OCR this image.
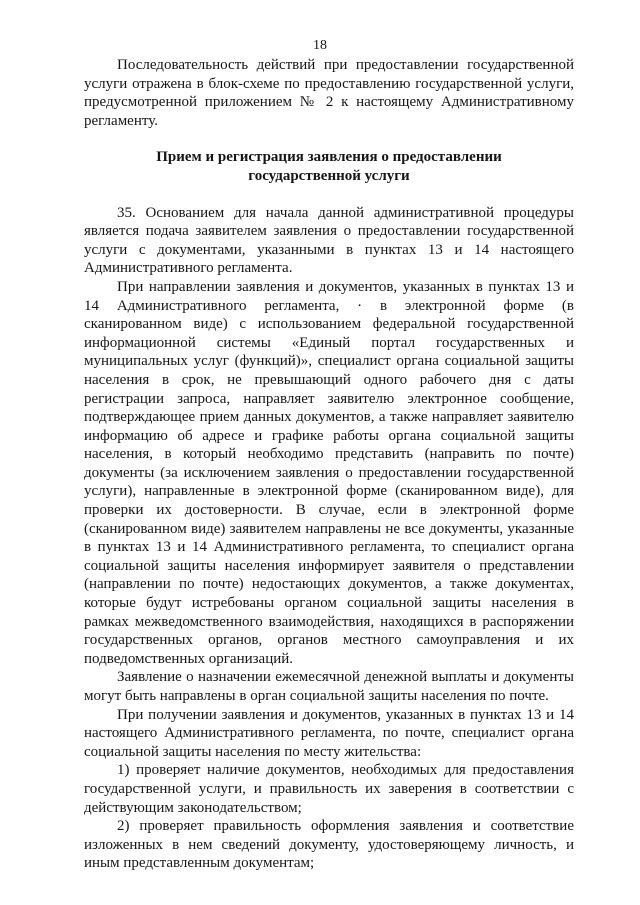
18

Последовательность действий при предоставлении государственной услуги отражена в блок-схеме по предоставлению государственной услуги, предусмотренной приложением № 2 к настоящему Административному регламенту.

Прием и регистрация заявления о предоставлении
государственной услуги

35. Основанием для начала данной административной процедуры является подача заявителем заявления о предоставлении государственной услуги с документами, указанными в пунктах 13 и 14 настоящего Административного регламента.

При направлении заявления и документов, указанных в пунктах 13 и 14 Административного регламента, · в электронной форме (в сканированном виде) с использованием федеральной государственной информационной системы «Единый портал государственных и муниципальных услуг (функций)», специалист органа социальной защиты населения в срок, не превышающий одного рабочего дня с даты регистрации запроса, направляет заявителю электронное сообщение, подтверждающее прием данных документов, а также направляет заявителю информацию об адресе и графике работы органа социальной защиты населения, в который необходимо представить (направить по почте) документы (за исключением заявления о предоставлении государственной услуги), направленные в электронной форме (сканированном виде), для проверки их достоверности. В случае, если в электронной форме (сканированном виде) заявителем направлены не все документы, указанные в пунктах 13 и 14 Административного регламента, то специалист органа социальной защиты населения информирует заявителя о представлении (направлении по почте) недостающих документов, а также документах, которые будут истребованы органом социальной защиты населения в рамках межведомственного взаимодействия, находящихся в распоряжении государственных органов, органов местного самоуправления и их подведомственных организаций.

Заявление о назначении ежемесячной денежной выплаты и документы могут быть направлены в орган социальной защиты населения по почте.

При получении заявления и документов, указанных в пунктах 13 и 14 настоящего Административного регламента, по почте, специалист органа социальной защиты населения по месту жительства:

1) проверяет наличие документов, необходимых для предоставления государственной услуги, и правильность их заверения в соответствии с действующим законодательством;

2) проверяет правильность оформления заявления и соответствие изложенных в нем сведений документу, удостоверяющему личность, и иным представленным документам;
